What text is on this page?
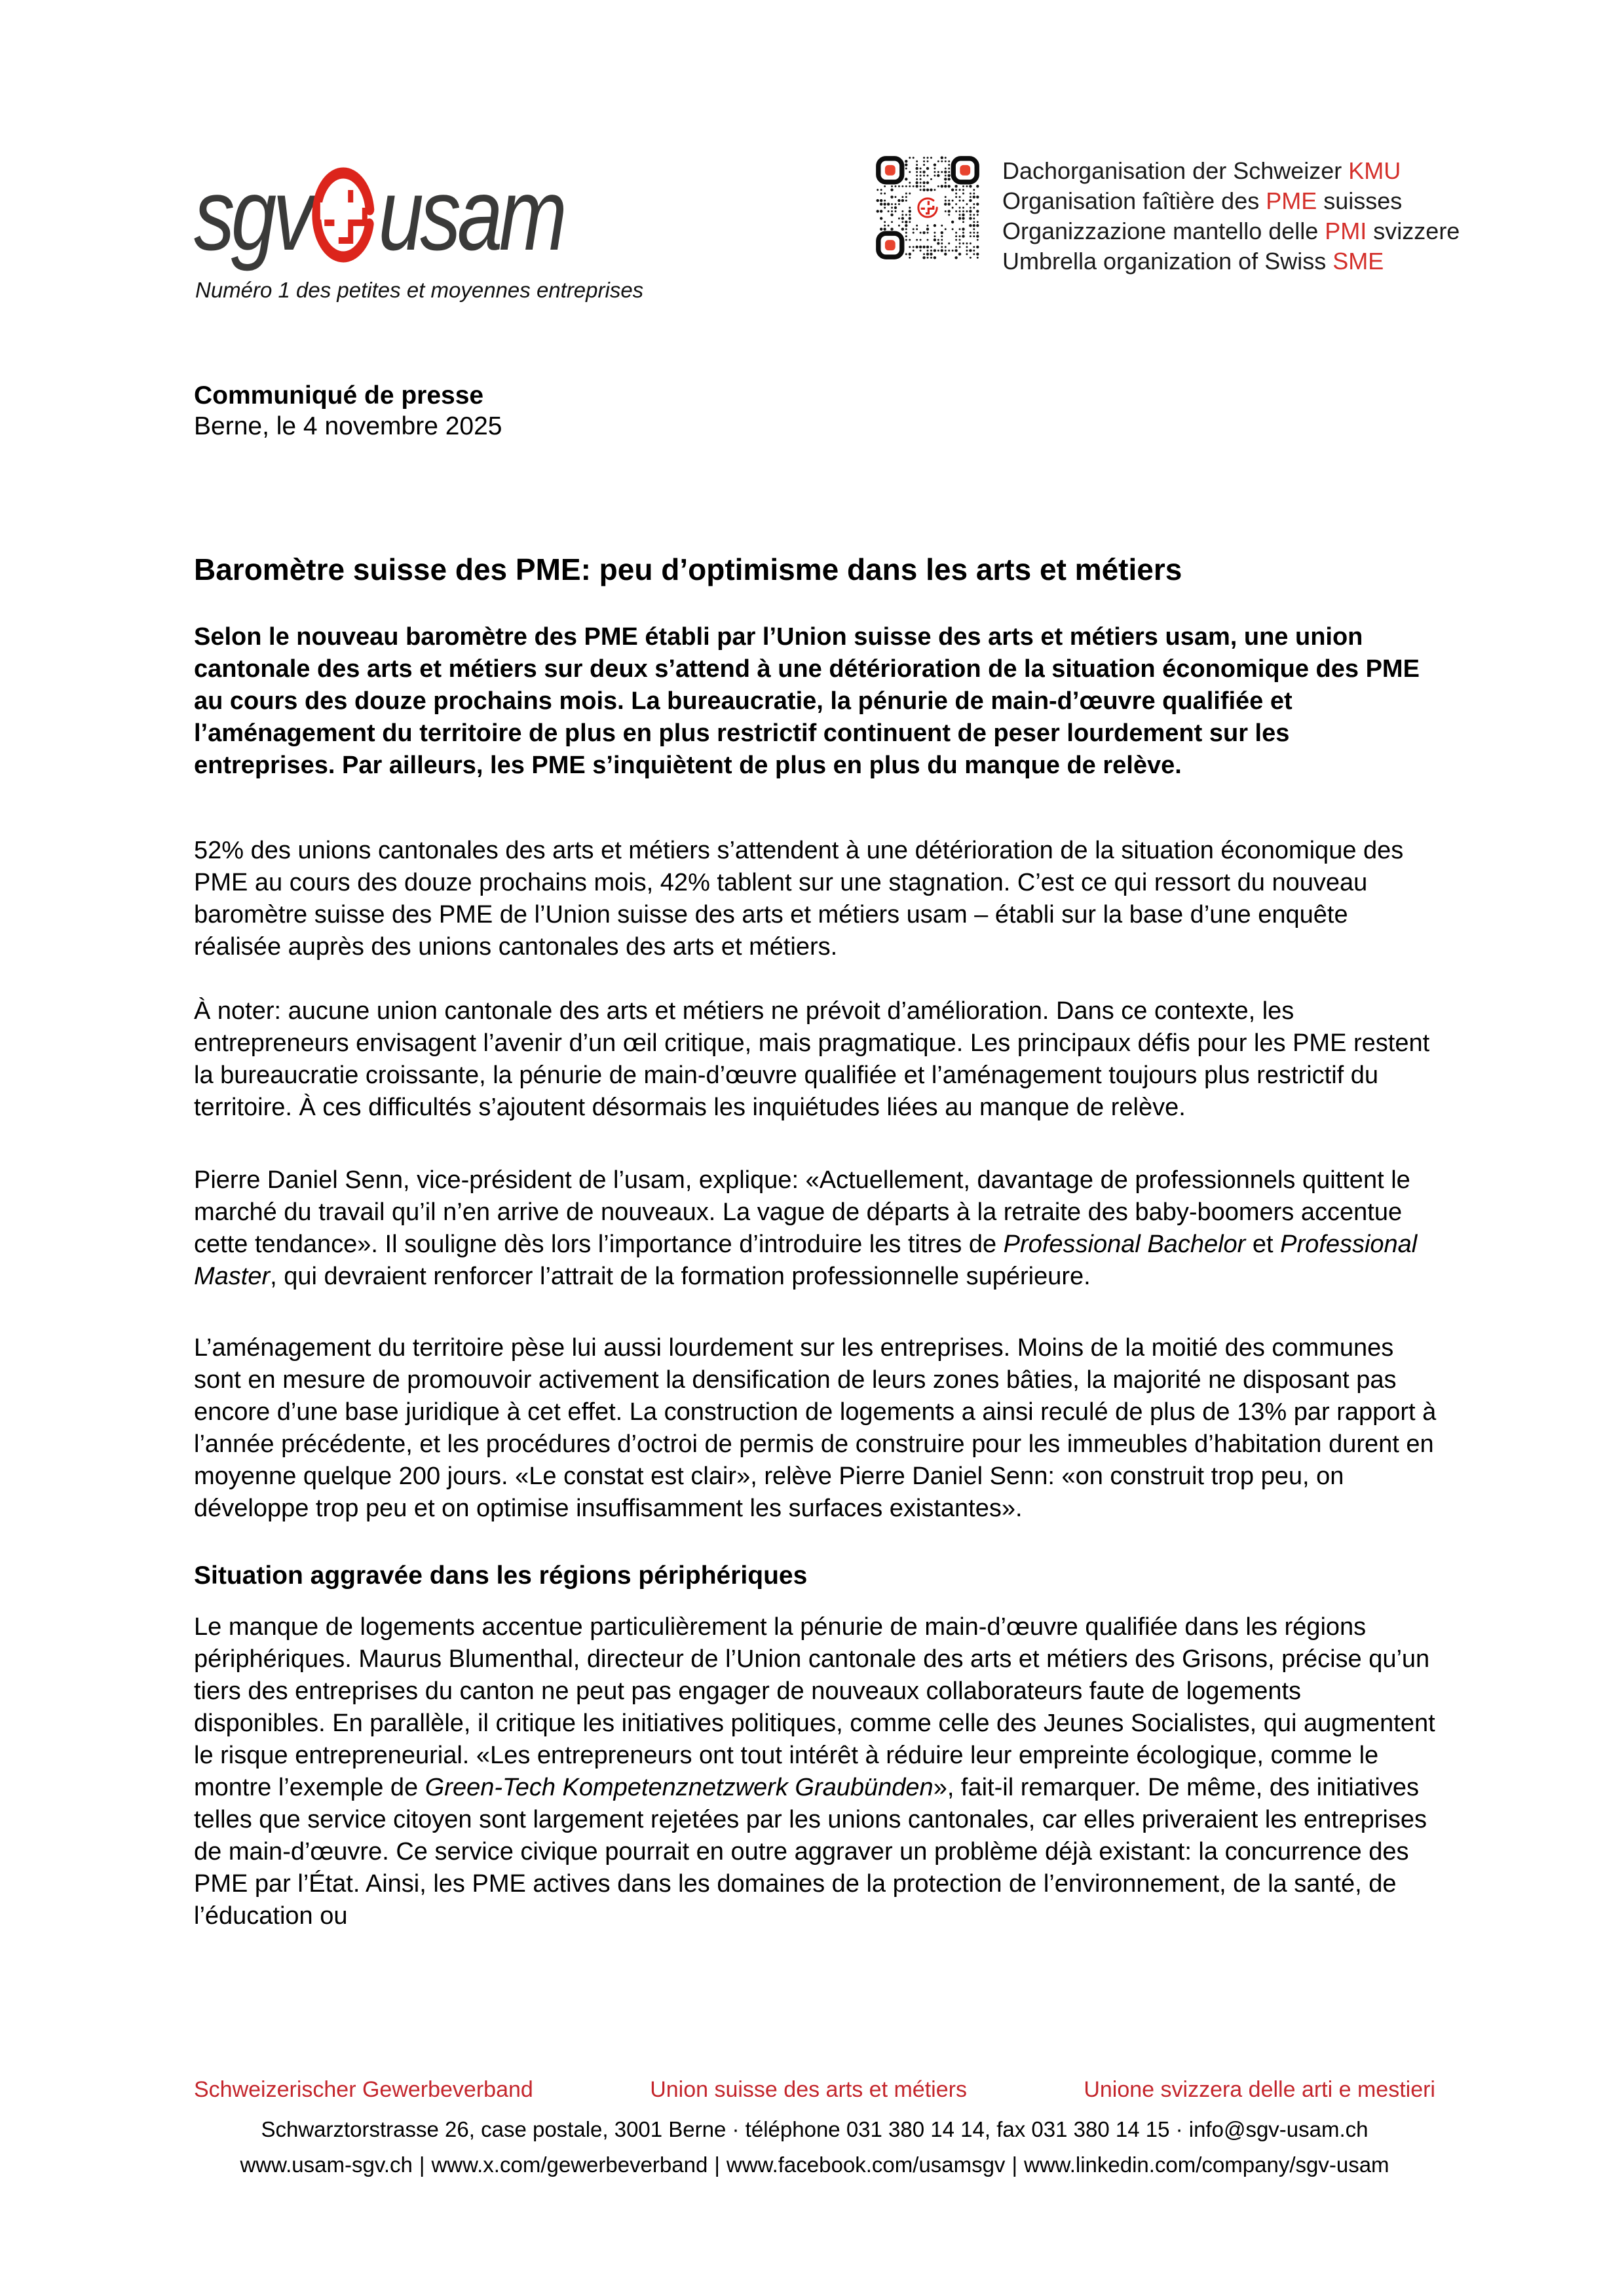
sgv usam
Numéro 1 des petites et moyennes entreprises
Dachorganisation der Schweizer KMU
Organisation faîtière des PME suisses
Organizzazione mantello delle PMI svizzere
Umbrella organization of Swiss SME
Communiqué de presse
Berne, le 4 novembre 2025
Baromètre suisse des PME: peu d’optimisme dans les arts et métiers

Selon le nouveau baromètre des PME établi par l’Union suisse des arts et métiers usam, une union cantonale des arts et métiers sur deux s’attend à une détérioration de la situation économique des PME au cours des douze prochains mois. La bureaucratie, la pénurie de main-d’œuvre qualifiée et l’aménagement du territoire de plus en plus restrictif continuent de peser lourdement sur les entreprises. Par ailleurs, les PME s’inquiètent de plus en plus du manque de relève.

52% des unions cantonales des arts et métiers s’attendent à une détérioration de la situation économique des PME au cours des douze prochains mois, 42% tablent sur une stagnation. C’est ce qui ressort du nouveau baromètre suisse des PME de l’Union suisse des arts et métiers usam – établi sur la base d’une enquête réalisée auprès des unions cantonales des arts et métiers.

À noter: aucune union cantonale des arts et métiers ne prévoit d’amélioration. Dans ce contexte, les entrepreneurs envisagent l’avenir d’un œil critique, mais pragmatique. Les principaux défis pour les PME restent la bureaucratie croissante, la pénurie de main-d’œuvre qualifiée et l’aménagement toujours plus restrictif du territoire. À ces difficultés s’ajoutent désormais les inquiétudes liées au manque de relève.

Pierre Daniel Senn, vice-président de l’usam, explique: «Actuellement, davantage de professionnels quittent le marché du travail qu’il n’en arrive de nouveaux. La vague de départs à la retraite des baby-boomers accentue cette tendance». Il souligne dès lors l’importance d’introduire les titres de Professional Bachelor et Professional Master, qui devraient renforcer l’attrait de la formation professionnelle supérieure.

L’aménagement du territoire pèse lui aussi lourdement sur les entreprises. Moins de la moitié des communes sont en mesure de promouvoir activement la densification de leurs zones bâties, la majorité ne disposant pas encore d’une base juridique à cet effet. La construction de logements a ainsi reculé de plus de 13% par rapport à l’année précédente, et les procédures d’octroi de permis de construire pour les immeubles d’habitation durent en moyenne quelque 200 jours. «Le constat est clair», relève Pierre Daniel Senn: «on construit trop peu, on développe trop peu et on optimise insuffisamment les surfaces existantes».

Situation aggravée dans les régions périphériques

Le manque de logements accentue particulièrement la pénurie de main-d’œuvre qualifiée dans les régions périphériques. Maurus Blumenthal, directeur de l’Union cantonale des arts et métiers des Grisons, précise qu’un tiers des entreprises du canton ne peut pas engager de nouveaux collaborateurs faute de logements disponibles. En parallèle, il critique les initiatives politiques, comme celle des Jeunes Socialistes, qui augmentent le risque entrepreneurial. «Les entrepreneurs ont tout intérêt à réduire leur empreinte écologique, comme le montre l’exemple de Green-Tech Kompetenznetzwerk Graubünden», fait-il remarquer. De même, des initiatives telles que service citoyen sont largement rejetées par les unions cantonales, car elles priveraient les entreprises de main-d’œuvre. Ce service civique pourrait en outre aggraver un problème déjà existant: la concurrence des PME par l’État. Ainsi, les PME actives dans les domaines de la protection de l’environnement, de la santé, de l’éducation ou

Schweizerischer Gewerbeverband	Union suisse des arts et métiers	Unione svizzera delle arti e mestieri
Schwarztorstrasse 26, case postale, 3001 Berne · téléphone 031 380 14 14, fax 031 380 14 15 · info@sgv-usam.ch
www.usam-sgv.ch | www.x.com/gewerbeverband | www.facebook.com/usamsgv | www.linkedin.com/company/sgv-usam
